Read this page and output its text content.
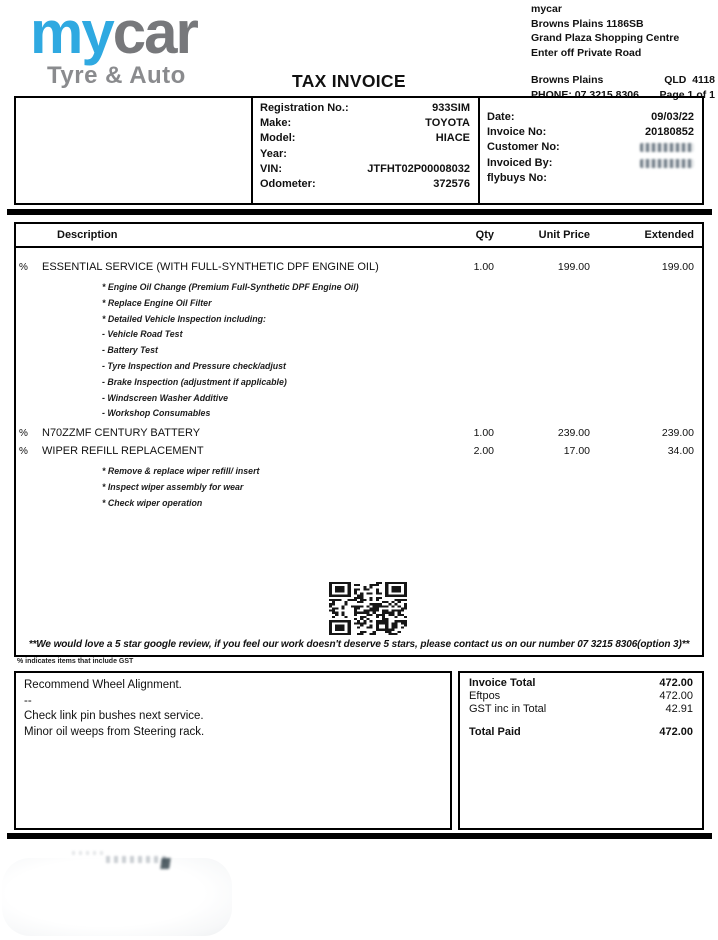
mycar
Tyre & Auto	TAX INVOICE
mycar
Browns Plains 1186SB
Grand Plaza Shopping Centre
Enter off Private Road
Browns Plains	QLD  4118
PHONE: 07 3215 8306 Page 1 of 1
Registration No.:	933SIM
Make:	TOYOTA
Model:	HIACE
Year:
VIN:	JTFHT02P00008032
Odometer:	372576
Date:	09/03/22
Invoice No:	20180852
Customer No:
Invoiced By:
flybuys No:
Description	Qty	Unit Price	Extended
%	ESSENTIAL SERVICE (WITH FULL-SYNTHETIC DPF ENGINE OIL)	1.00	199.00	199.00
* Engine Oil Change (Premium Full-Synthetic DPF Engine Oil)
* Replace Engine Oil Filter
* Detailed Vehicle Inspection including:
- Vehicle Road Test
- Battery Test
- Tyre Inspection and Pressure check/adjust
- Brake Inspection (adjustment if applicable)
- Windscreen Washer Additive
- Workshop Consumables
%	N70ZZMF CENTURY BATTERY	1.00	239.00	239.00
%	WIPER REFILL REPLACEMENT	2.00	17.00	34.00
* Remove & replace wiper refill/ insert
* Inspect wiper assembly for wear
* Check wiper operation
**We would love a 5 star google review, if you feel our work doesn't deserve 5 stars, please contact us on our number 07 3215 8306(option 3)**
% indicates items that include GST
Recommend Wheel Alignment.
--
Check link pin bushes next service.
Minor oil weeps from Steering rack.
Invoice Total	472.00
Eftpos	472.00
GST inc in Total	42.91
Total Paid	472.00
